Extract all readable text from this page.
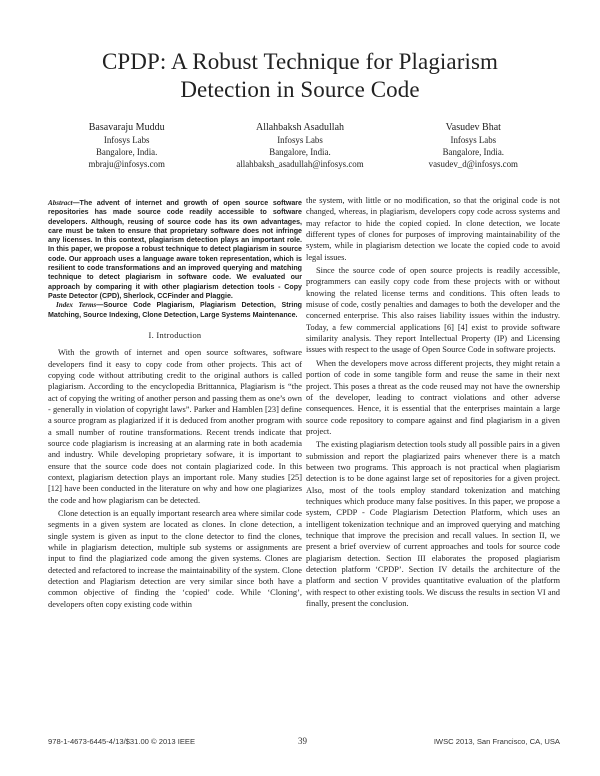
CPDP: A Robust Technique for Plagiarism
Detection in Source Code
Basavaraju Muddu
Infosys Labs
Bangalore, India.
mbraju@infosys.com
Allahbaksh Asadullah
Infosys Labs
Bangalore, India.
allahbaksh_asadullah@infosys.com
Vasudev Bhat
Infosys Labs
Bangalore, India.
vasudev_d@infosys.com

Abstract—The advent of internet and growth of open source software repositories has made source code readily accessible to software developers. Although, reusing of source code has its own advantages, care must be taken to ensure that proprietary software does not infringe any licenses. In this context, plagiarism detection plays an important role. In this paper, we propose a robust technique to detect plagiarism in source code. Our approach uses a language aware token representation, which is resilient to code transformations and an improved querying and matching technique to detect plagiarism in software code. We evaluated our approach by comparing it with other plagiarism detection tools - Copy Paste Detector (CPD), Sherlock, CCFinder and Plaggie.

Index Terms—Source Code Plagiarism, Plagiarism Detection, String Matching, Source Indexing, Clone Detection, Large Systems Maintenance.

I. Introduction

With the growth of internet and open source softwares, software developers find it easy to copy code from other projects. This act of copying code without attributing credit to the original authors is called plagiarism. According to the encyclopedia Brittannica, Plagiarism is “the act of copying the writing of another person and passing them as one’s own - generally in violation of copyright laws”. Parker and Hamblen [23] define a source program as plagiarized if it is deduced from another program with a small number of routine transformations. Recent trends indicate that source code plagiarism is increasing at an alarming rate in both academia and industry. While developing proprietary sofware, it is important to ensure that the source code does not contain plagiarized code. In this context, plagiarism detection plays an important role. Many studies [25] [12] have been conducted in the literature on why and how one plagiarizes the code and how plagiarism can be detected.

Clone detection is an equally important research area where similar code segments in a given system are located as clones. In clone detection, a single system is given as input to the clone detector to find the clones, while in plagiarism detection, multiple sub systems or assignments are input to find the plagiarized code among the given systems. Clones are detected and refactored to increase the maintainability of the system. Clone detection and Plagiarism detection are very similar since both have a common objective of finding the ‘copied’ code. While ‘Cloning’, developers often copy existing code within

the system, with little or no modification, so that the original code is not changed, whereas, in plagiarism, developers copy code across systems and may refactor to hide the copied copied. In clone detection, we locate different types of clones for purposes of improving maintainability of the system, while in plagiarism detection we locate the copied code to avoid legal issues.

Since the source code of open source projects is readily accessible, programmers can easily copy code from these projects with or without knowing the related license terms and conditions. This often leads to misuse of code, costly penalties and damages to both the developer and the concerned enterprise. This also raises liability issues within the industry. Today, a few commercial applications [6] [4] exist to provide software similarity analysis. They report Intellectual Property (IP) and Licensing issues with respect to the usage of Open Source Code in software projects.

When the developers move across different projects, they might retain a portion of code in some tangible form and reuse the same in their next project. This poses a threat as the code reused may not have the ownership of the developer, leading to contract violations and other adverse consequences. Hence, it is essential that the enterprises maintain a large source code repository to compare against and find plagiarism in a given project.

The existing plagiarism detection tools study all possible pairs in a given submission and report the plagiarized pairs whenever there is a match between two programs. This approach is not practical when plagiarism detection is to be done against large set of repositories for a given project. Also, most of the tools employ standard tokenization and matching techniques which produce many false positives. In this paper, we propose a system, CPDP - Code Plagiarism Detection Platform, which uses an intelligent tokenization technique and an improved querying and matching technique that improve the precision and recall values. In section II, we present a brief overview of current approaches and tools for source code plagiarism detection. Section III elaborates the proposed plagiarism detection platform ‘CPDP’. Section IV details the architecture of the platform and section V provides quantitative evaluation of the platform with respect to other existing tools. We discuss the results in section VI and finally, present the conclusion.

978-1-4673-6445-4/13/$31.00 © 2013 IEEE	39	IWSC 2013, San Francisco, CA, USA
